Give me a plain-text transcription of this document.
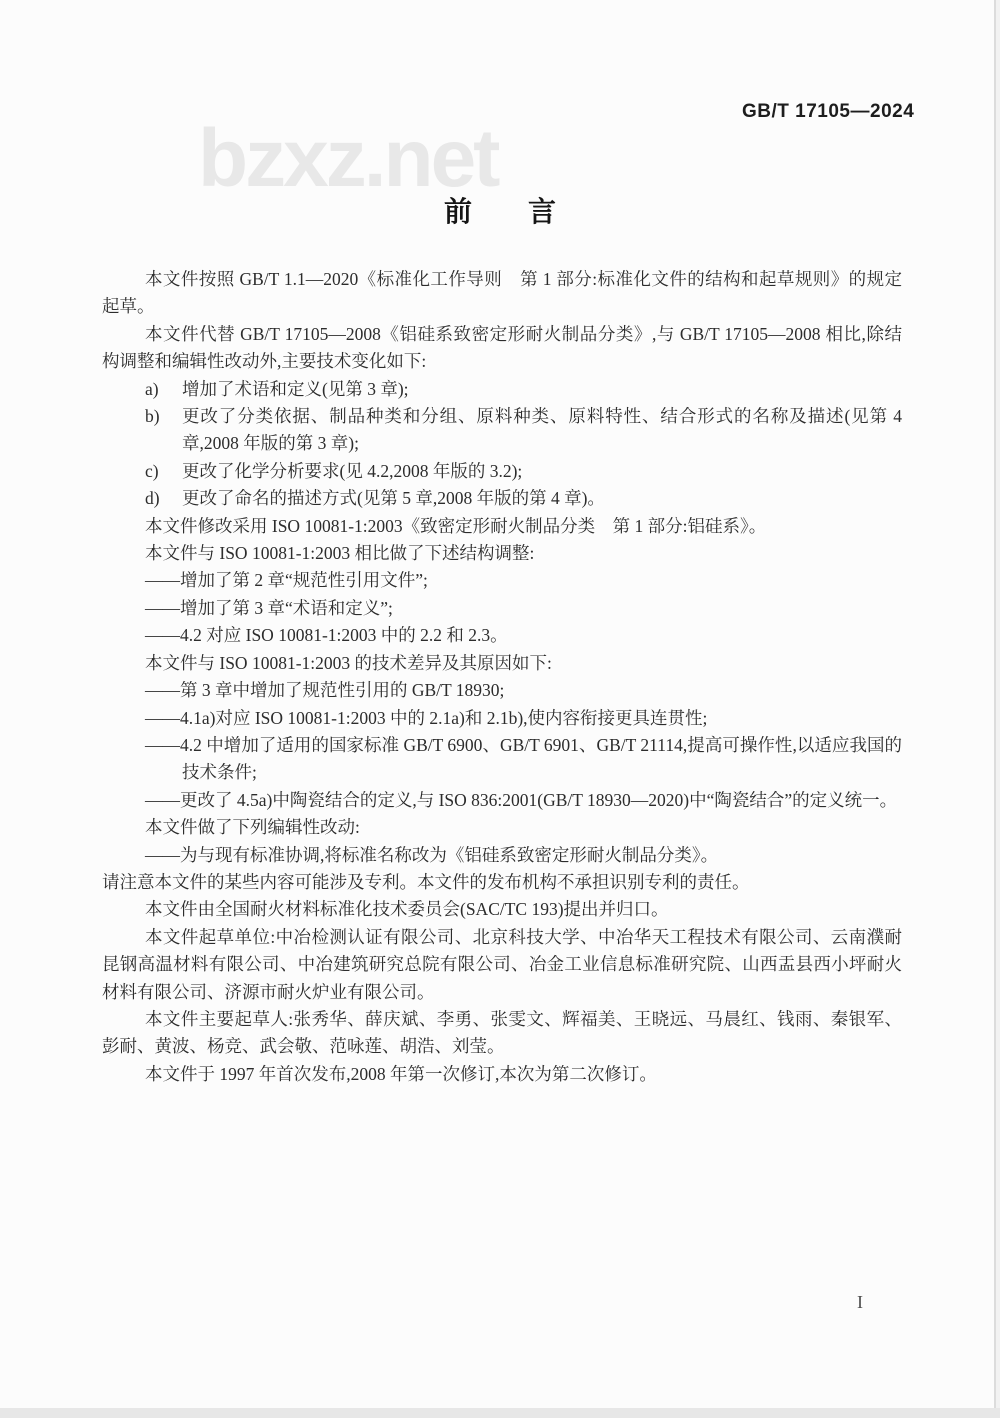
bzxz.net
GB/T 17105—2024
前　　言

本文件按照 GB/T 1.1—2020《标准化工作导则　第 1 部分:标准化文件的结构和起草规则》的规定起草。

本文件代替 GB/T 17105—2008《铝硅系致密定形耐火制品分类》,与 GB/T 17105—2008 相比,除结构调整和编辑性改动外,主要技术变化如下:

a) 增加了术语和定义(见第 3 章);

b) 更改了分类依据、制品种类和分组、原料种类、原料特性、结合形式的名称及描述(见第 4 章,2008 年版的第 3 章);

c) 更改了化学分析要求(见 4.2,2008 年版的 3.2);

d) 更改了命名的描述方式(见第 5 章,2008 年版的第 4 章)。

本文件修改采用 ISO 10081-1:2003《致密定形耐火制品分类　第 1 部分:铝硅系》。

本文件与 ISO 10081-1:2003 相比做了下述结构调整:

——增加了第 2 章“规范性引用文件”;

——增加了第 3 章“术语和定义”;

——4.2 对应 ISO 10081-1:2003 中的 2.2 和 2.3。

本文件与 ISO 10081-1:2003 的技术差异及其原因如下:

——第 3 章中增加了规范性引用的 GB/T 18930;

——4.1a)对应 ISO 10081-1:2003 中的 2.1a)和 2.1b),使内容衔接更具连贯性;

——4.2 中增加了适用的国家标准 GB/T 6900、GB/T 6901、GB/T 21114,提高可操作性,以适应我国的技术条件;

——更改了 4.5a)中陶瓷结合的定义,与 ISO 836:2001(GB/T 18930—2020)中“陶瓷结合”的定义统一。

本文件做了下列编辑性改动:

——为与现有标准协调,将标准名称改为《铝硅系致密定形耐火制品分类》。

请注意本文件的某些内容可能涉及专利。本文件的发布机构不承担识别专利的责任。

本文件由全国耐火材料标准化技术委员会(SAC/TC 193)提出并归口。

本文件起草单位:中冶检测认证有限公司、北京科技大学、中冶华天工程技术有限公司、云南濮耐昆钢高温材料有限公司、中冶建筑研究总院有限公司、冶金工业信息标准研究院、山西盂县西小坪耐火材料有限公司、济源市耐火炉业有限公司。

本文件主要起草人:张秀华、薛庆斌、李勇、张雯文、辉福美、王晓远、马晨红、钱雨、秦银军、彭耐、黄波、杨竞、武会敬、范咏莲、胡浩、刘莹。

本文件于 1997 年首次发布,2008 年第一次修订,本次为第二次修订。

I
